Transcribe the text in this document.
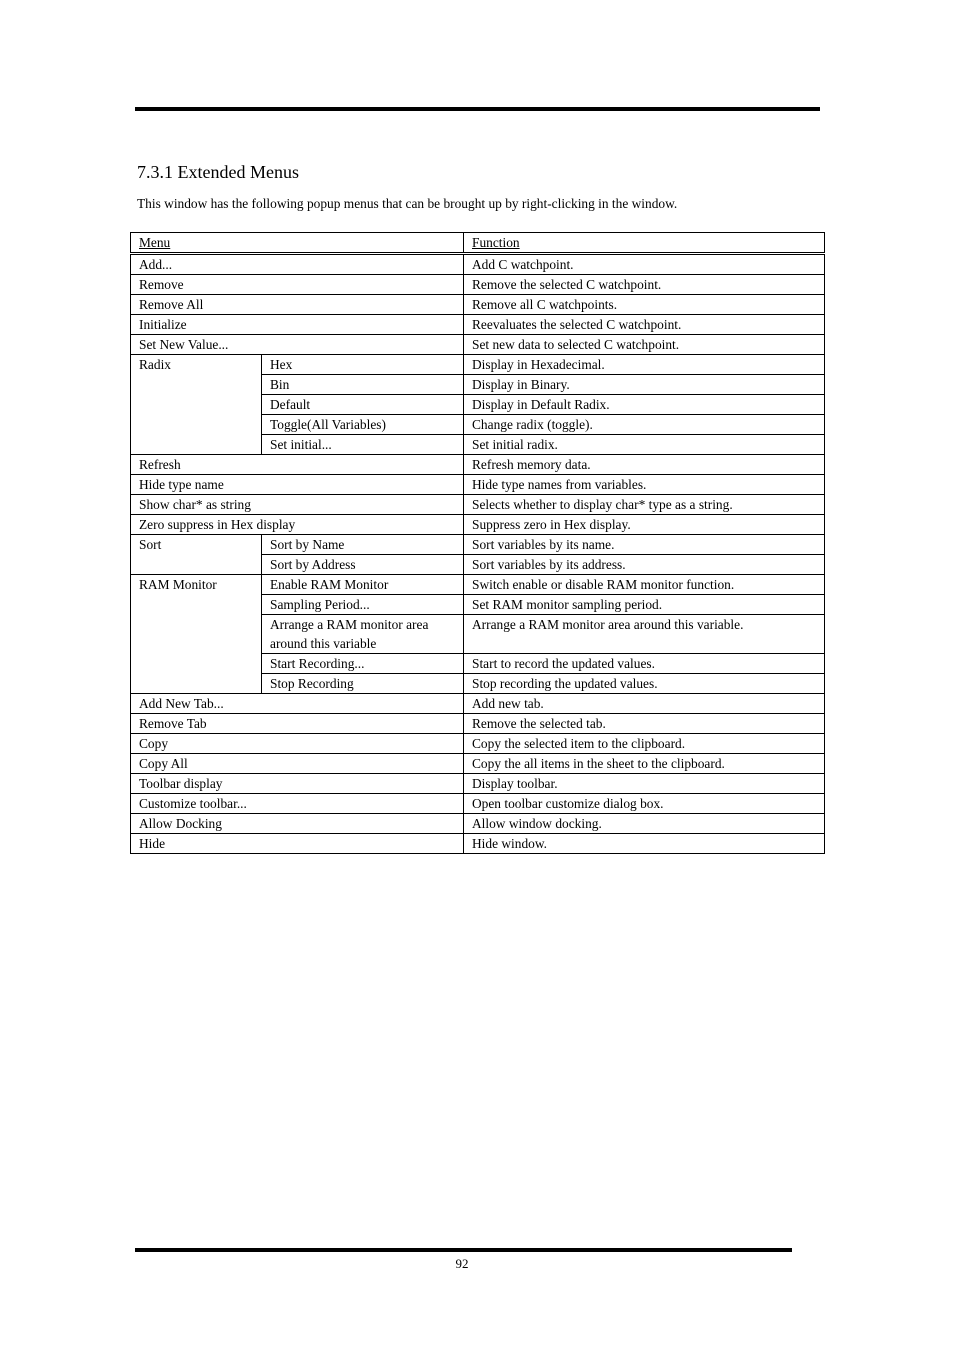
7.3.1 Extended Menus

This window has the following popup menus that can be brought up by right-clicking in the window.

Menu		Function
Add...		Add C watchpoint.
Remove		Remove the selected C watchpoint.
Remove All		Remove all C watchpoints.
Initialize		Reevaluates the selected C watchpoint.
Set New Value...		Set new data to selected C watchpoint.
Radix	Hex	Display in Hexadecimal.
	Bin	Display in Binary.
	Default	Display in Default Radix.
	Toggle(All Variables)	Change radix (toggle).
	Set initial...	Set initial radix.
Refresh		Refresh memory data.
Hide type name		Hide type names from variables.
Show char* as string		Selects whether to display char* type as a string.
Zero suppress in Hex display		Suppress zero in Hex display.
Sort	Sort by Name	Sort variables by its name.
	Sort by Address	Sort variables by its address.
RAM Monitor	Enable RAM Monitor	Switch enable or disable RAM monitor function.
	Sampling Period...	Set RAM monitor sampling period.
	Arrange a RAM monitor area around this variable	Arrange a RAM monitor area around this variable.
	Start Recording...	Start to record the updated values.
	Stop Recording	Stop recording the updated values.
Add New Tab...		Add new tab.
Remove Tab		Remove the selected tab.
Copy		Copy the selected item to the clipboard.
Copy All		Copy the all items in the sheet to the clipboard.
Toolbar display		Display toolbar.
Customize toolbar...		Open toolbar customize dialog box.
Allow Docking		Allow window docking.
Hide		Hide window.
92
